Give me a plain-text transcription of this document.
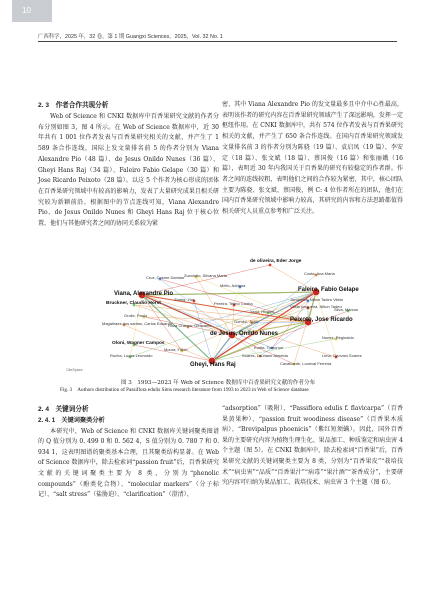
10
广西科学，2025 年，32 卷，第 1 期 Guangxi Sciences，2025，Vol. 32 No. 1
2. 3　作者合作共现分析

Web of Science 和 CNKI 数据库中百香果研究文献的作者分布分别如图 3，图 4 所示。在 Web of Science 数据库中，近 30 年共有 1 001 位作者发表与百香果研究相关的文献，并产生了 1 589 条合作连线，国际上发文量排名前 5 的作者分别为 Viana Alexandre Pio（48 篇）、de Jesus Onildo Nunes（36 篇）、Gheyi Hans Raj（34 篇）、Faleiro Fabio Gelape（30 篇）和 Jose Ricardo Peixoto（28 篇）。以这 5 个作者为核心形成的团体在百香果研究领域中有较高的影响力，发表了大量研究成果且相关研究较为新颖前沿。根据图中的节点连线可知，Viana Alexandre Pio、de Jesus Onildo Nunes 和 Gheyi Hans Raj 位于核心位置，他们与其他研究者之间的协同关系较为紧

密，其中 Viana Alexandre Pio 的发文量最多且中介中心性最高，表明该作者的研究内容在百香果研究领域产生了深远影响，发挥一定枢纽作用。在 CNKI 数据库中，共有 574 位作者发表与百香果研究相关的文献，并产生了 650 条合作连线。在国内百香果研究领域发文量排名前 3 的作者分别为陈骁（19 篇）、袁启凤（19 篇）、李安定（18 篇）、张文斌（18 篇）、蔡国俊（16 篇）和张丽娥（16 篇），表明近 30 年内我国关于百香果的研究有较稳定的作者群。作者之间的连线较粗，表明他们之间的合作较为紧密，其中，核心团队主要为陈骁、张文斌、蔡国俊，例 C: 4 位作者所在的团队，他们在国内百香果研究领域中影响力较高，其研究的内容和方法思路都值得相关研究人员重点参考和广泛关注。

de oliveira, Eder Jorge
Costa, Ana Maria
Zucolotto, Silvana Maria
Faleiro, Fabio Gelape
Junqueira, Nilton Tadeu Vilela
Vilela junqueira, Nilton Tadeu
Peixoto, Jose Ricardo
Viana, Alexandre Pio
Bruckner, Claudio Horst
de Jesus, Onildo Nunes
Gheyi, Hans Raj
Soares, Lauriane Almeida
Cavalcante, Lourival Ferreira
Oloni, Wagner Campos
Cruz, Cosme Damiao
Lima, Geovani Soares
Magalhaes dos santos, Carlos Eduardo
Grolie, Paolo
Rocha, Lucas Leonardo
Mello, Adriana
Pereira, Telmo Cunha
Roza Chaves, Geovanis
Nunes, Reginaldo
Yano, Hiroshi
Kurita, Tomonori
Zhang, Yue
Gomez, Juan
Moura, Fabio
Silva, Marcos
CiteSpace
图 3　1993—2023 年 Web of Science 数据库中百香果研究文献的作者分布
Fig. 3　Authors distribution of Passiflora edulis Sims research literature from 1993 to 2023 in Web of Science database
2. 4　关键词分析
2. 4. 1　关键词聚类分析

本研究中，Web of Science 和 CNKI 数据库关键词聚类图谱的 Q 值分别为 0. 499 0 和 0. 562 4，S 值分别为 0. 780 7 和 0. 934 1，这表明图谱的聚类基本合理，且其聚类结构显著。在 Web of Science 数据库中，除去检索词“passion fruit”后，百香果研究文献的关键词聚类主要为 8 类，分别为“phenolic compounds”（酚类化合物）、“molecular markers”（分子标记）、“salt stress”（盐胁迫）、“clarification”（澄清）、

“adsorption”（吸附）、“Passiflora edulis f. flavicarpa”（百香果黄果种）、“passion fruit woodiness disease”（百香果木质病）、“Brevipalpus phoenicis”（紫红短须螨）。因此，国外百香果的主要研究内容为植物生理生化、果品加工、种质鉴定和病虫害 4 个主题（图 5）。在 CNKI 数据库中，除去检索词“百香果”后，百香果研究文献的关键词聚类主要为 8 类，分别为“百香果皮”“栽培技术”“病虫害”“品质”“百香果汁”“病毒”“果汁酒”“茶香成分”，主要研究内容可归纳为果品加工、栽培技术、病虫害 3 个主题（图 6）。
